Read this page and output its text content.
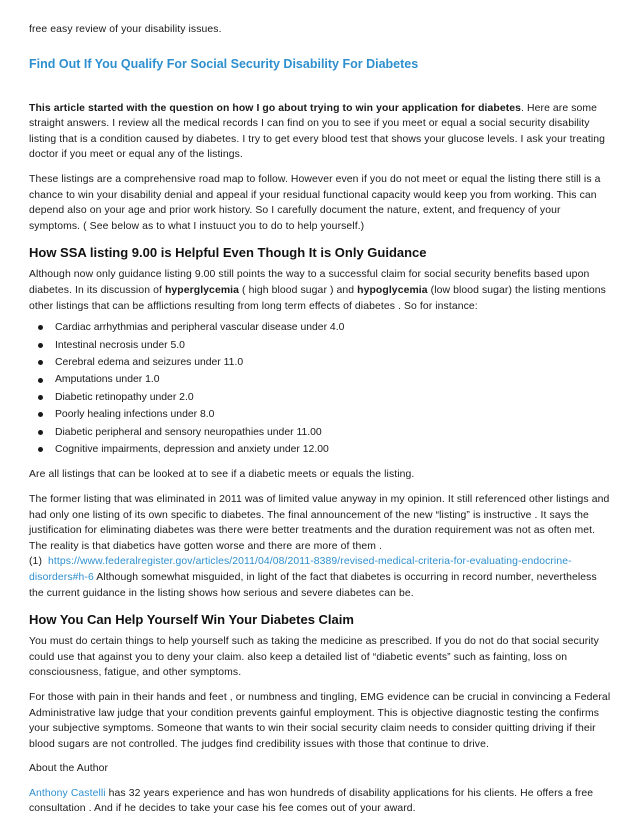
free easy review of your disability issues.

Find Out If You Qualify For Social Security Disability For Diabetes

This article started with the question on how I go about trying to win your application for diabetes. Here are some straight answers. I review all the medical records I can find on you to see if you meet or equal a social security disability listing that is a condition caused by diabetes. I try to get every blood test that shows your glucose levels. I ask your treating doctor if you meet or equal any of the listings.

These listings are a comprehensive road map to follow. However even if you do not meet or equal the listing there still is a chance to win your disability denial and appeal if your residual functional capacity would keep you from working. This can depend also on your age and prior work history. So I carefully document the nature, extent, and frequency of your symptoms. ( See below as to what I instuuct you to do to help yourself.)

How SSA listing 9.00 is Helpful Even Though It is Only Guidance

Although now only guidance listing 9.00 still points the way to a successful claim for social security benefits based upon diabetes. In its discussion of hyperglycemia ( high blood sugar ) and hypoglycemia (low blood sugar) the listing mentions other listings that can be afflictions resulting from long term effects of diabetes . So for instance:

Cardiac arrhythmias and peripheral vascular disease under 4.0
Intestinal necrosis under 5.0
Cerebral edema and seizures under 11.0
Amputations under 1.0
Diabetic retinopathy under 2.0
Poorly healing infections under 8.0
Diabetic peripheral and sensory neuropathies under 11.00
Cognitive impairments, depression and anxiety under 12.00

Are all listings that can be looked at to see if a diabetic meets or equals the listing.

The former listing that was eliminated in 2011 was of limited value anyway in my opinion. It still referenced other listings and had only one listing of its own specific to diabetes. The final announcement of the new “listing” is instructive . It says the justification for eliminating diabetes was there were better treatments and the duration requirement was not as often met. The reality is that diabetics have gotten worse and there are more of them .
(1) https://www.federalregister.gov/articles/2011/04/08/2011-8389/revised-medical-criteria-for-evaluating-endocrine-disorders#h-6 Although somewhat misguided, in light of the fact that diabetes is occurring in record number, nevertheless the current guidance in the listing shows how serious and severe diabetes can be.

How You Can Help Yourself Win Your Diabetes Claim

You must do certain things to help yourself such as taking the medicine as prescribed. If you do not do that social security could use that against you to deny your claim. also keep a detailed list of “diabetic events” such as fainting, loss on consciousness, fatigue, and other symptoms.

For those with pain in their hands and feet , or numbness and tingling, EMG evidence can be crucial in convincing a Federal Administrative law judge that your condition prevents gainful employment. This is objective diagnostic testing the confirms your subjective symptoms. Someone that wants to win their social security claim needs to consider quitting driving if their blood sugars are not controlled. The judges find credibility issues with those that continue to drive.

About the Author

Anthony Castelli has 32 years experience and has won hundreds of disability applications for his clients. He offers a free consultation . And if he decides to take your case his fee comes out of your award.
